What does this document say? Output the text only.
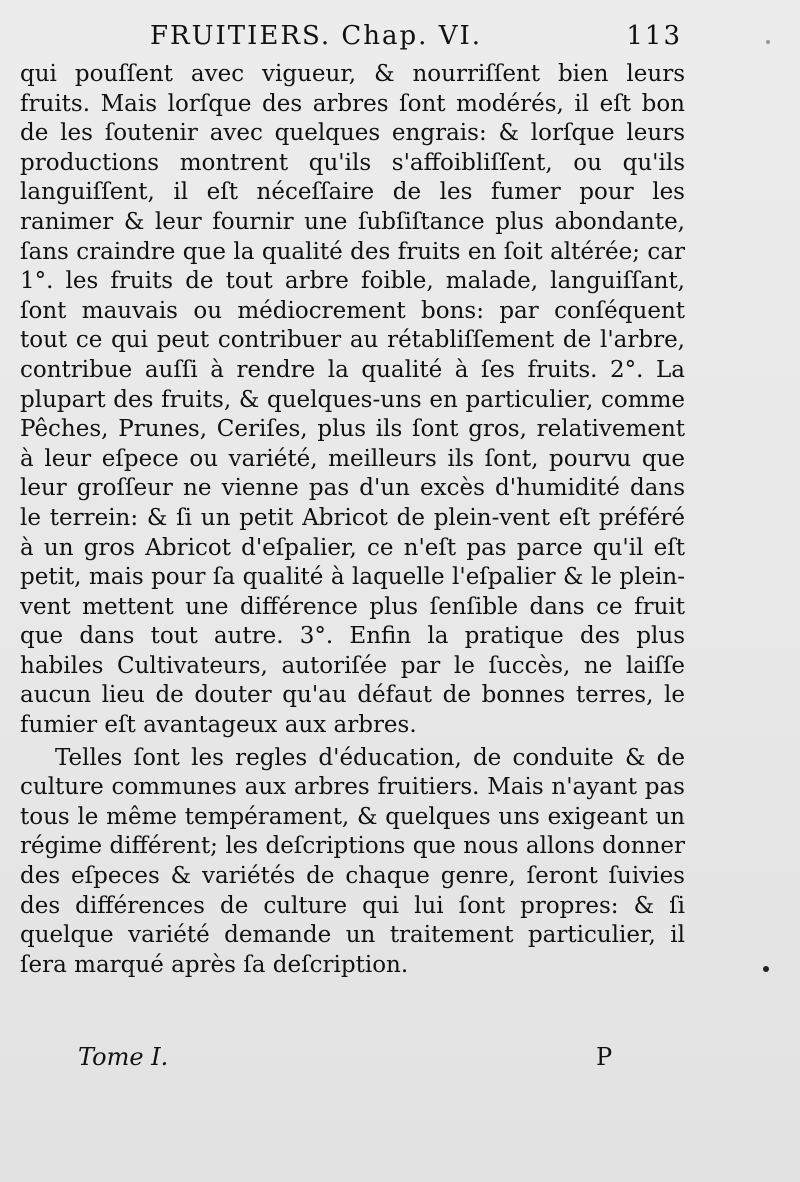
FRUITIERS. Chap. VI.	113

qui pouſſent avec vigueur, & nourriſſent bien leurs fruits. Mais lorſque des arbres ſont modérés, il eſt bon de les ſoutenir avec quelques engrais: & lorſque leurs productions montrent qu'ils s'affoibliſſent, ou qu'ils languiſſent, il eſt néceſſaire de les fumer pour les ranimer & leur fournir une ſubſiſtance plus abondante, ſans craindre que la qualité des fruits en ſoit altérée; car 1°. les fruits de tout arbre foible, malade, languiſſant, ſont mauvais ou médiocrement bons: par conſéquent tout ce qui peut contribuer au rétabliſſement de l'arbre, contribue auſſi à rendre la qualité à ſes fruits. 2°. La plupart des fruits, & quelques-uns en particulier, comme Pêches, Prunes, Ceriſes, plus ils ſont gros, relativement à leur eſpece ou variété, meilleurs ils ſont, pourvu que leur groſſeur ne vienne pas d'un excès d'humidité dans le terrein: & ſi un petit Abricot de plein-vent eſt préféré à un gros Abricot d'eſpalier, ce n'eſt pas parce qu'il eſt petit, mais pour ſa qualité à laquelle l'eſpalier & le plein-vent mettent une différence plus ſenſible dans ce fruit que dans tout autre. 3°. Enfin la pratique des plus habiles Cultivateurs, autoriſée par le ſuccès, ne laiſſe aucun lieu de douter qu'au défaut de bonnes terres, le fumier eſt avantageux aux arbres.

Telles ſont les regles d'éducation, de conduite & de culture communes aux arbres fruitiers. Mais n'ayant pas tous le même tempérament, & quelques uns exigeant un régime différent; les deſcriptions que nous allons donner des eſpeces & variétés de chaque genre, ſeront ſuivies des différences de culture qui lui ſont propres: & ſi quelque variété demande un traitement particulier, il ſera marqué après ſa deſcription.

Tome I.	P
